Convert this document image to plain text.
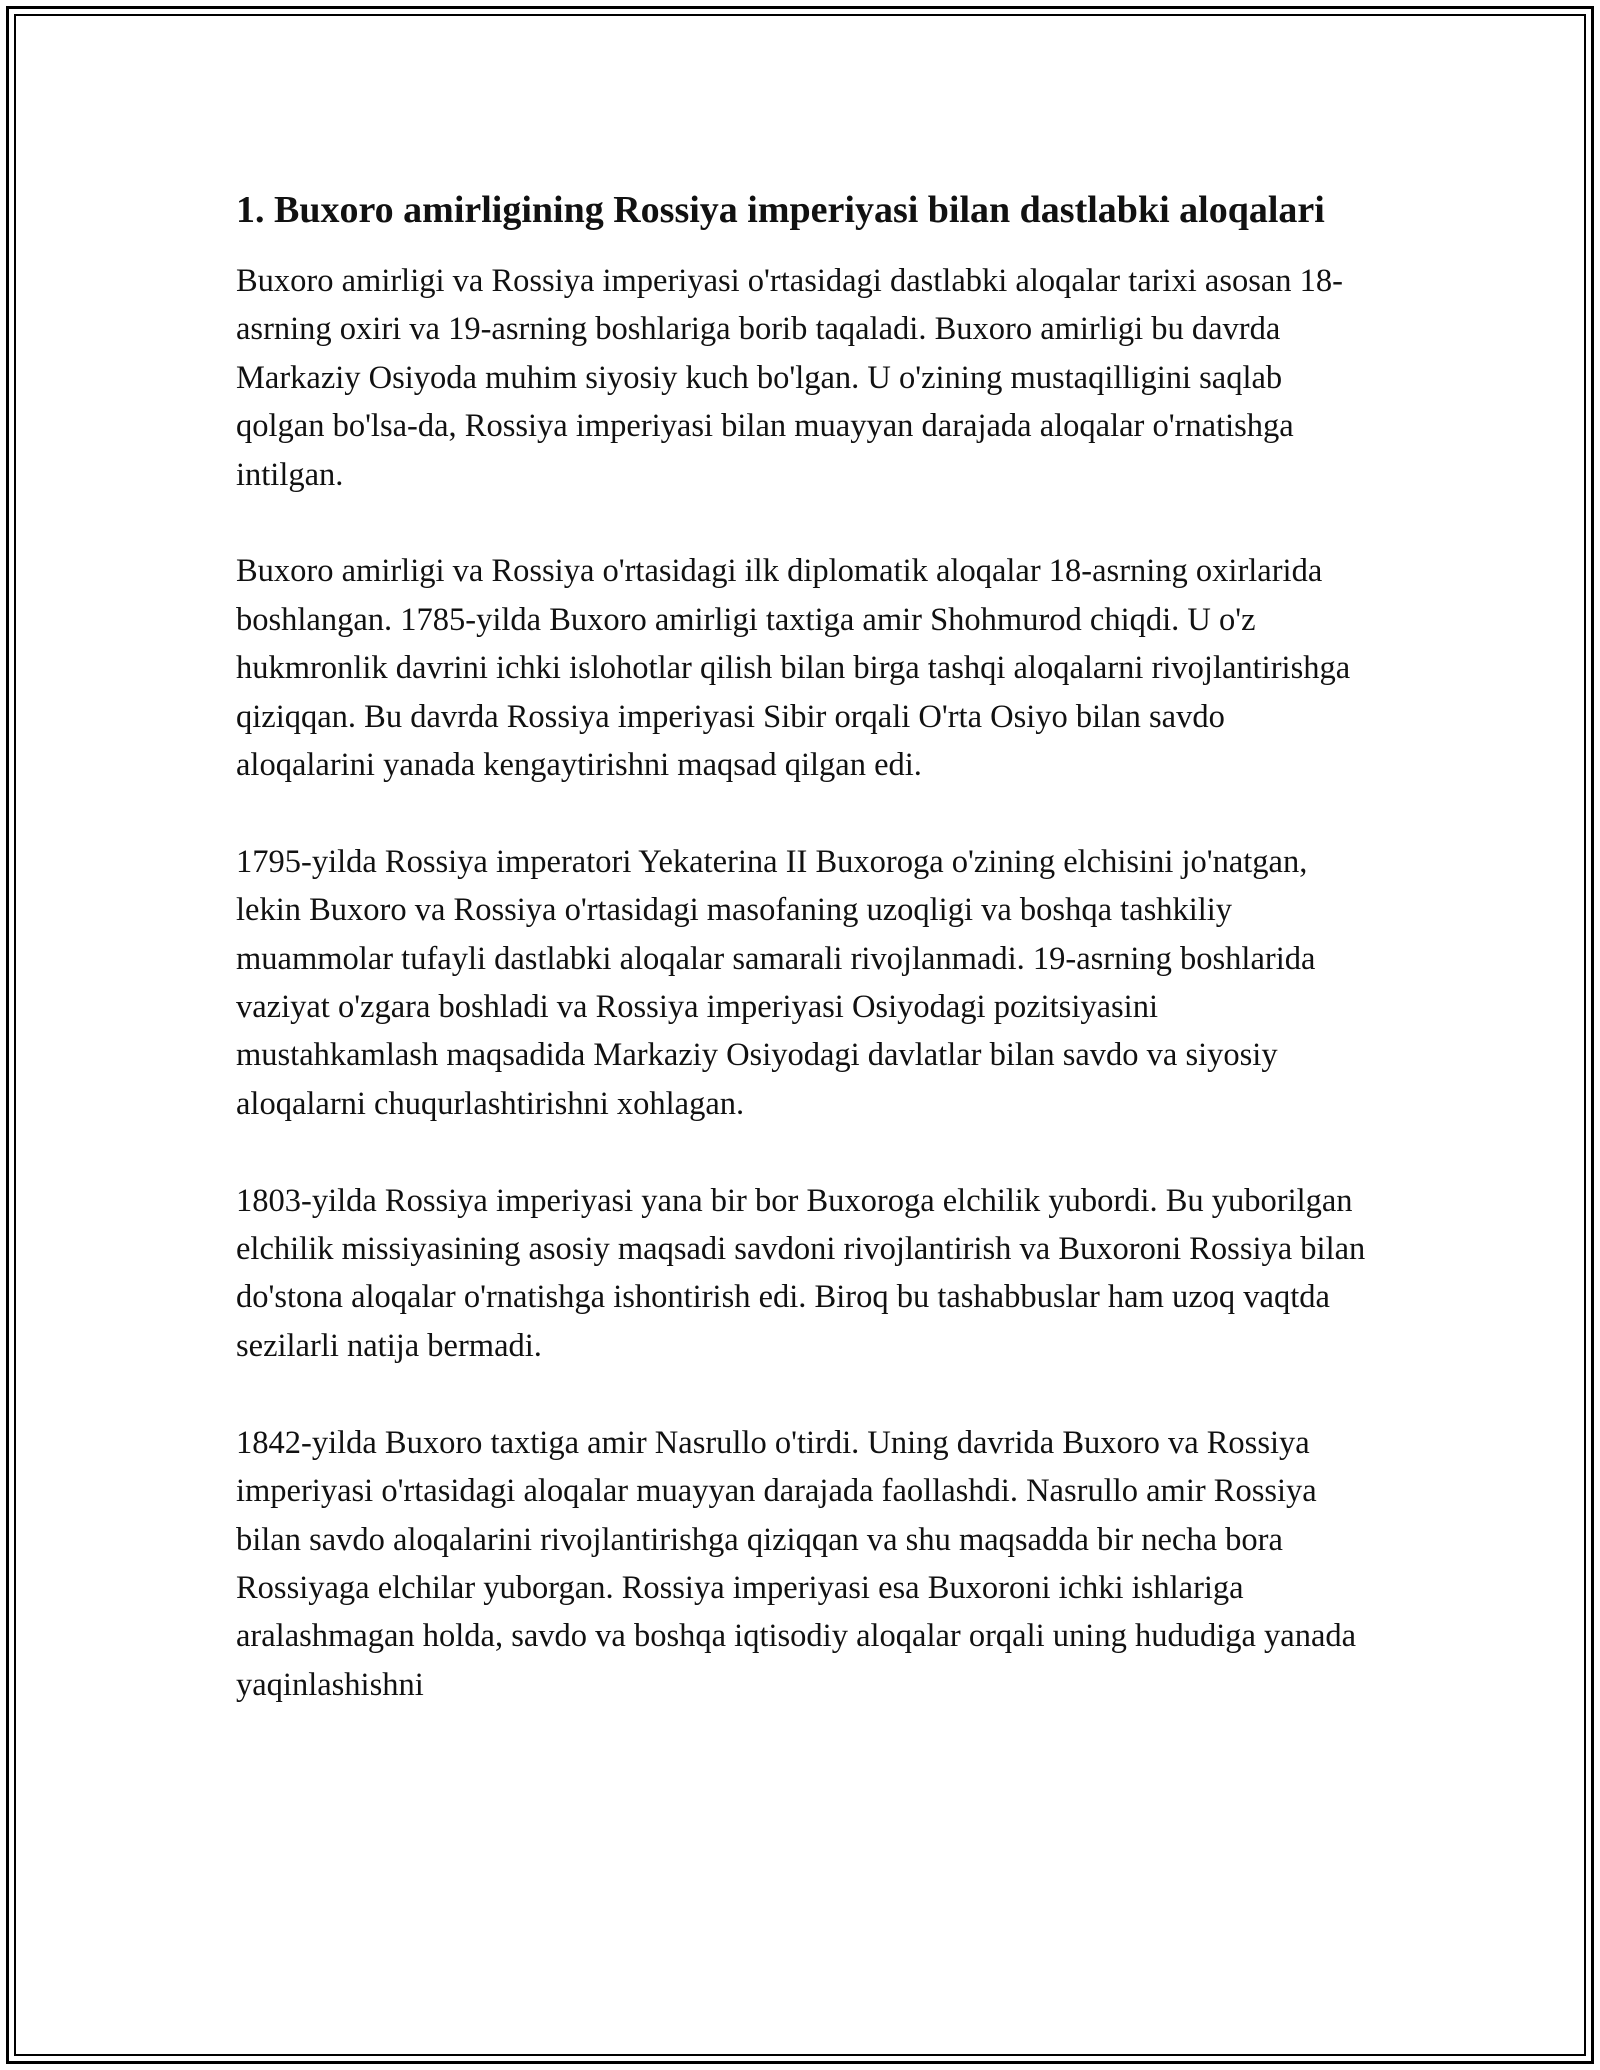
1. Buxoro amirligining Rossiya imperiyasi bilan dastlabki aloqalari

Buxoro amirligi va Rossiya imperiyasi o'rtasidagi dastlabki aloqalar tarixi asosan 18-asrning oxiri va 19-asrning boshlariga borib taqaladi. Buxoro amirligi bu davrda Markaziy Osiyoda muhim siyosiy kuch bo'lgan. U o'zining mustaqilligini saqlab qolgan bo'lsa-da, Rossiya imperiyasi bilan muayyan darajada aloqalar o'rnatishga intilgan.

Buxoro amirligi va Rossiya o'rtasidagi ilk diplomatik aloqalar 18-asrning oxirlarida boshlangan. 1785-yilda Buxoro amirligi taxtiga amir Shohmurod chiqdi. U o'z hukmronlik davrini ichki islohotlar qilish bilan birga tashqi aloqalarni rivojlantirishga qiziqqan. Bu davrda Rossiya imperiyasi Sibir orqali O'rta Osiyo bilan savdo aloqalarini yanada kengaytirishni maqsad qilgan edi.

1795-yilda Rossiya imperatori Yekaterina II Buxoroga o'zining elchisini jo'natgan, lekin Buxoro va Rossiya o'rtasidagi masofaning uzoqligi va boshqa tashkiliy muammolar tufayli dastlabki aloqalar samarali rivojlanmadi. 19-asrning boshlarida vaziyat o'zgara boshladi va Rossiya imperiyasi Osiyodagi pozitsiyasini mustahkamlash maqsadida Markaziy Osiyodagi davlatlar bilan savdo va siyosiy aloqalarni chuqurlashtirishni xohlagan.

1803-yilda Rossiya imperiyasi yana bir bor Buxoroga elchilik yubordi. Bu yuborilgan elchilik missiyasining asosiy maqsadi savdoni rivojlantirish va Buxoroni Rossiya bilan do'stona aloqalar o'rnatishga ishontirish edi. Biroq bu tashabbuslar ham uzoq vaqtda sezilarli natija bermadi.

1842-yilda Buxoro taxtiga amir Nasrullo o'tirdi. Uning davrida Buxoro va Rossiya imperiyasi o'rtasidagi aloqalar muayyan darajada faollashdi. Nasrullo amir Rossiya bilan savdo aloqalarini rivojlantirishga qiziqqan va shu maqsadda bir necha bora Rossiyaga elchilar yuborgan. Rossiya imperiyasi esa Buxoroni ichki ishlariga aralashmagan holda, savdo va boshqa iqtisodiy aloqalar orqali uning hududiga yanada yaqinlashishni
